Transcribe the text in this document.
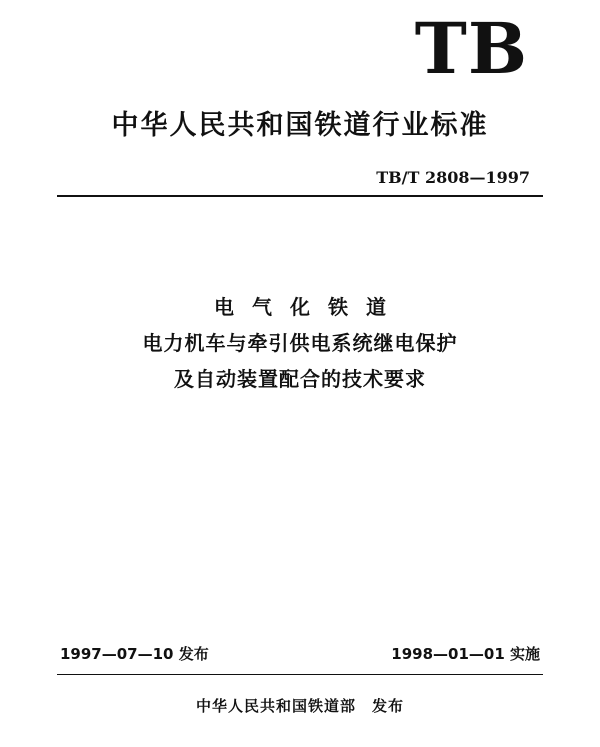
TB
中华人民共和国铁道行业标准
TB/T 2808—1997
电气化铁道
电力机车与牵引供电系统继电保护
及自动装置配合的技术要求
1997—07—10 发布	1998—01—01 实施
中华人民共和国铁道部　发布
